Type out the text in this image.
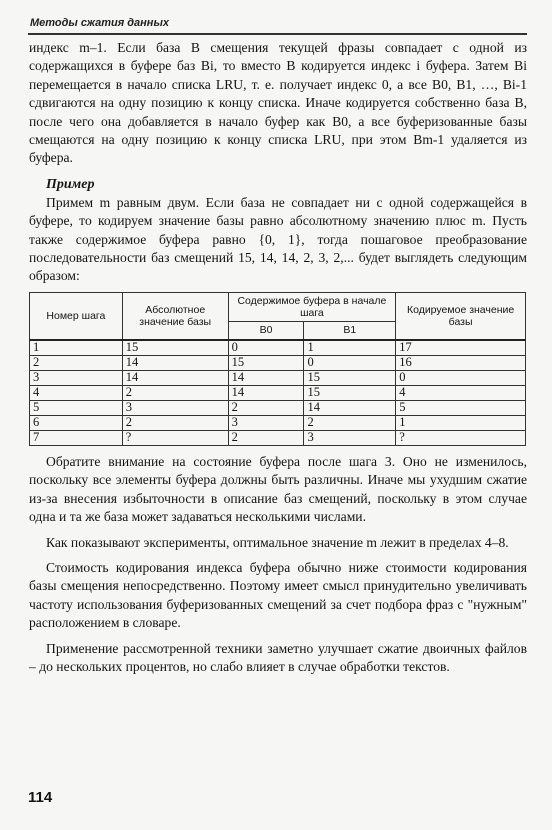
Методы сжатия данных

индекс m–1. Если база B смещения текущей фразы совпадает с одной из содержащихся в буфере баз Bi, то вместо B кодируется индекс i буфера. Затем Bi перемещается в начало списка LRU, т. е. получает индекс 0, а все B0, B1, …, Bi-1 сдвигаются на одну позицию к концу списка. Иначе кодируется собственно база B, после чего она добавляется в начало буфер как B0, а все буферизованные базы смещаются на одну позицию к концу списка LRU, при этом Bm-1 удаляется из буфера.

Пример

Примем m равным двум. Если база не совпадает ни с одной содержащейся в буфере, то кодируем значение базы равно абсолютному значению плюс m. Пусть также содержимое буфера равно {0, 1}, тогда пошаговое преобразование последовательности баз смещений 15, 14, 14, 2, 3, 2,... будет выглядеть следующим образом:

Номер шага	Абсолютное значение базы	Содержимое буфера в начале шага		Кодируемое значение базы
		B0	B1	
1	15	0	1	17
2	14	15	0	16
3	14	14	15	0
4	2	14	15	4
5	3	2	14	5
6	2	3	2	1
7	?	2	3	?

Обратите внимание на состояние буфера после шага 3. Оно не изменилось, поскольку все элементы буфера должны быть различны. Иначе мы ухудшим сжатие из-за внесения избыточности в описание баз смещений, поскольку в этом случае одна и та же база может задаваться несколькими числами.

Как показывают эксперименты, оптимальное значение m лежит в пределах 4–8.

Стоимость кодирования индекса буфера обычно ниже стоимости кодирования базы смещения непосредственно. Поэтому имеет смысл принудительно увеличивать частоту использования буферизованных смещений за счет подбора фраз с "нужным" расположением в словаре.

Применение рассмотренной техники заметно улучшает сжатие двоичных файлов – до нескольких процентов, но слабо влияет в случае обработки текстов.

114
